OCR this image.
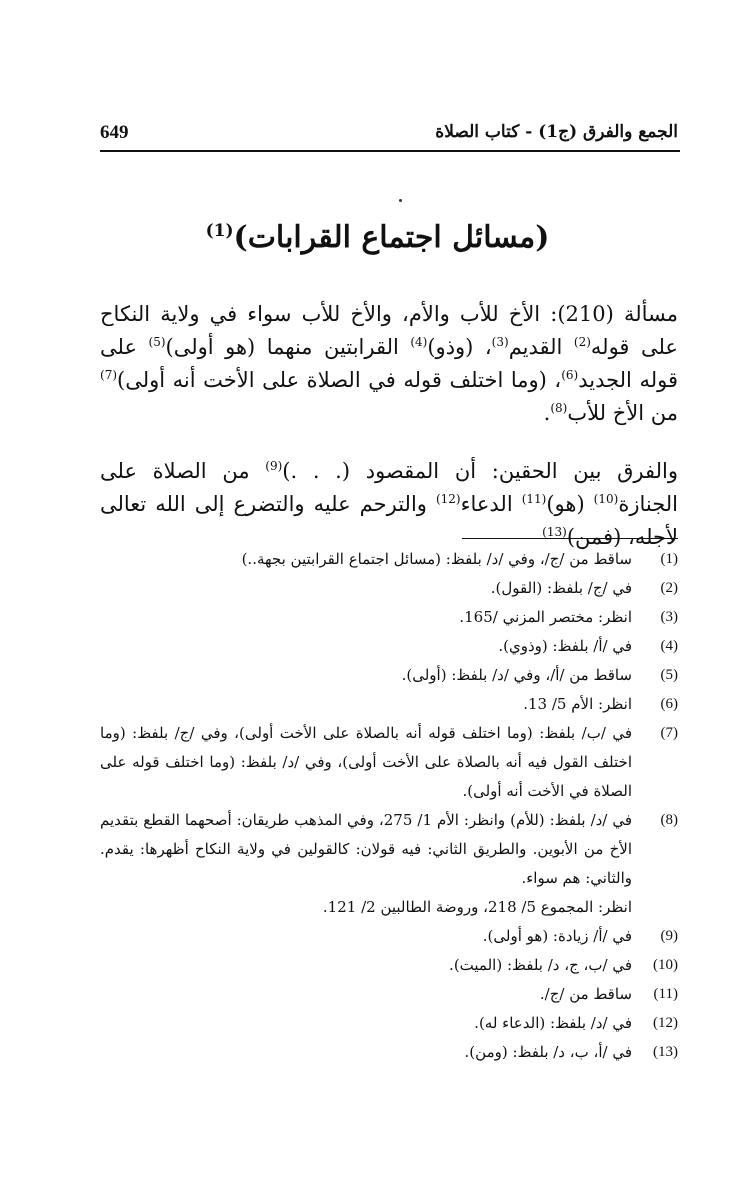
الجمع والفرق (ج1) - كتاب الصلاة
649
(مسائل اجتماع القرابات)$^{(1)}$
مسألة (210): الأخ للأب والأم، والأخ للأب سواء في ولاية النكاح على قوله$^{(2)}$ القديم$^{(3)}$، (وذو)$^{(4)}$ القرابتين منهما (هو أولى)$^{(5)}$ على قوله الجديد$^{(6)}$، (وما اختلف قوله في الصلاة على الأخت أنه أولى)$^{(7)}$ من الأخ للأب$^{(8)}$.
والفرق بين الحقين: أن المقصود (. . .)$^{(9)}$ من الصلاة على الجنازة$^{(10)}$ (هو)$^{(11)}$ الدعاء$^{(12)}$ والترحم عليه والتضرع إلى الله تعالى لأجله، (فمن)$^{(13)}$
(1)
ساقط من /ج/، وفي /د/ بلفظ: (مسائل اجتماع القرابتين بجهة..)
(2)
في /ج/ بلفظ: (القول).
(3)
انظر: مختصر المزني /165.
(4)
في /أ/ بلفظ: (وذوي).
(5)
ساقط من /أ/، وفي /د/ بلفظ: (أولى).
(6)
انظر: الأم 5/ 13.
(7)
في /ب/ بلفظ: (وما اختلف قوله أنه بالصلاة على الأخت أولى)، وفي /ج/ بلفظ: (وما اختلف القول فيه أنه بالصلاة على الأخت أولى)، وفي /د/ بلفظ: (وما اختلف قوله على الصلاة في الأخت أنه أولى).
(8)
في /د/ بلفظ: (للأم) وانظر: الأم 1/ 275، وفي المذهب طريقان: أصحهما القطع بتقديم الأخ من الأبوين. والطريق الثاني: فيه قولان: كالقولين في ولاية النكاح أظهرها: يقدم. والثاني: هم سواء.
انظر: المجموع 5/ 218، وروضة الطالبين 2/ 121.
(9)
في /أ/ زيادة: (هو أولى).
(10)
في /ب، ج، د/ بلفظ: (الميت).
(11)
ساقط من /ج/.
(12)
في /د/ بلفظ: (الدعاء له).
(13)
في /أ، ب، د/ بلفظ: (ومن).
